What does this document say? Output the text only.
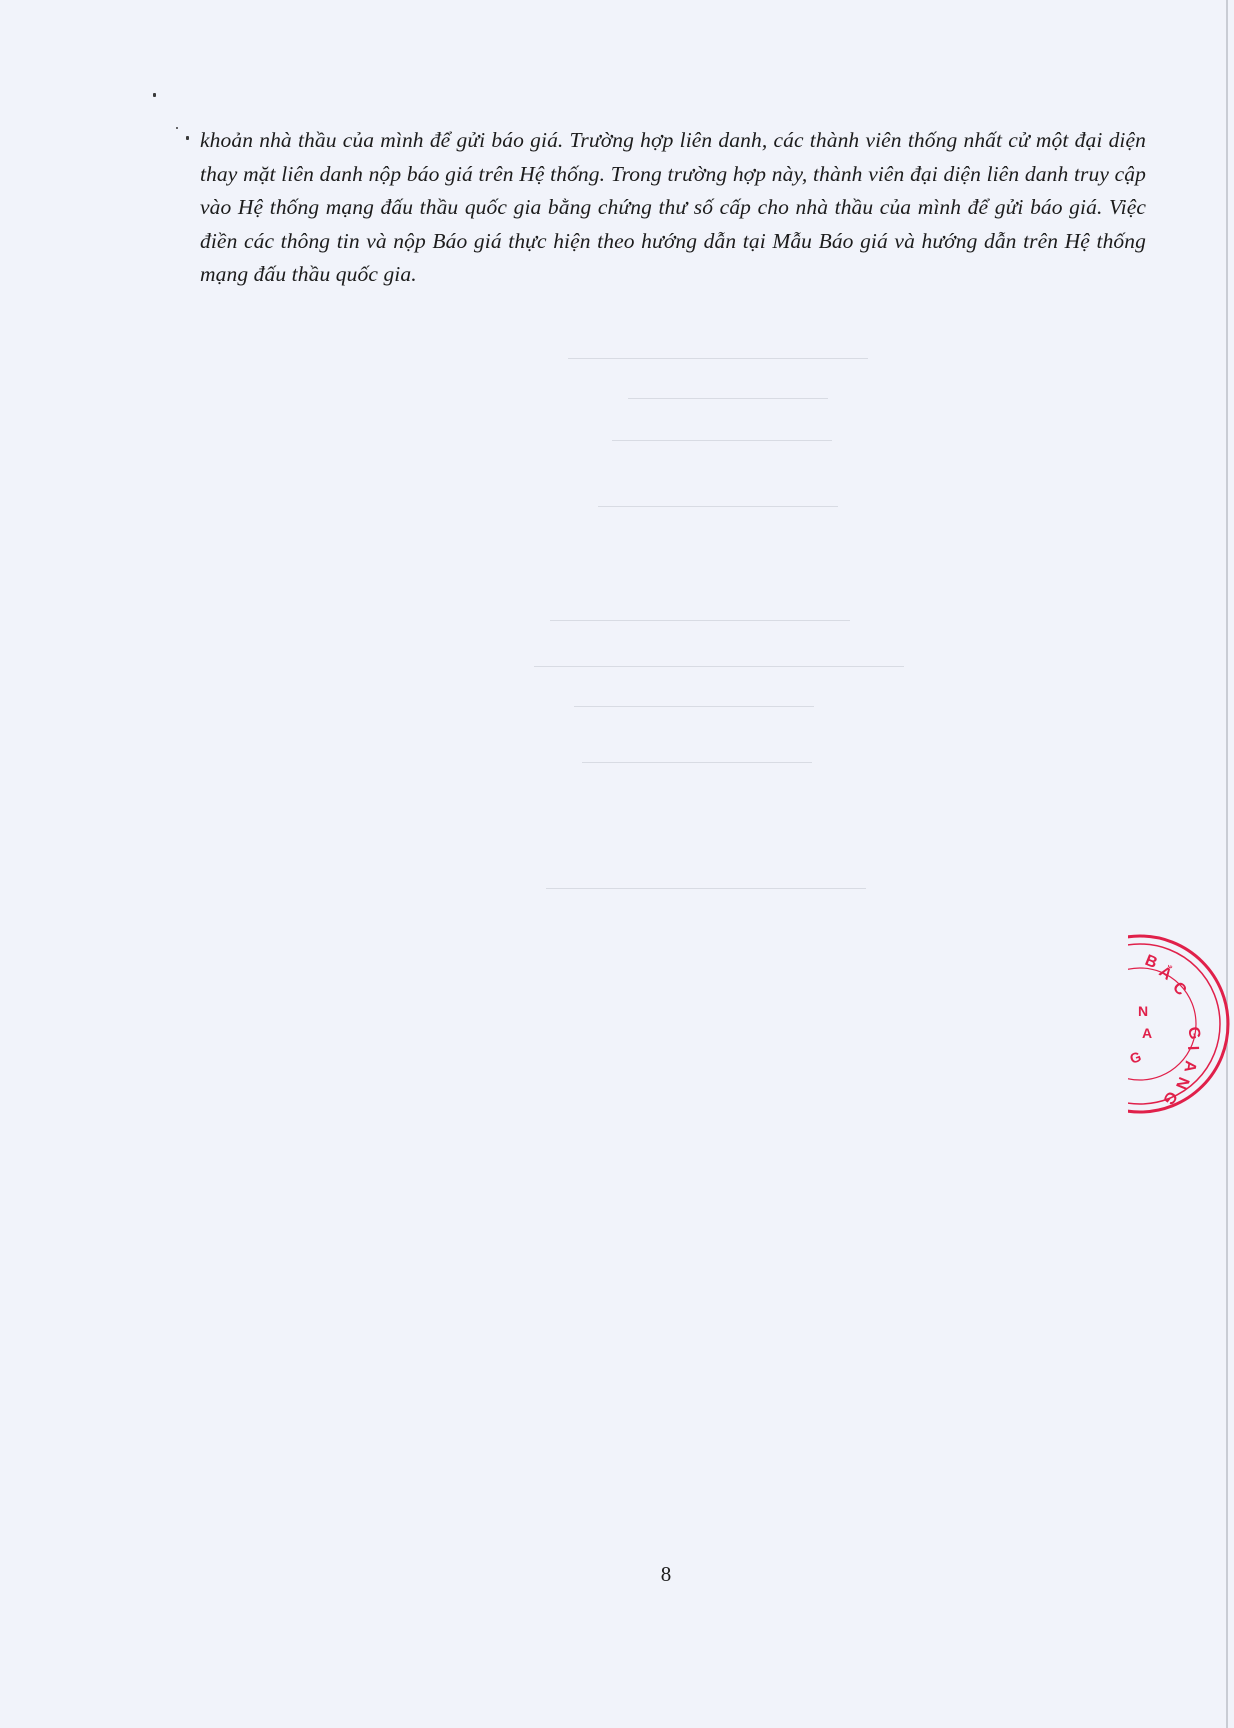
khoản nhà thầu của mình để gửi báo giá. Trường hợp liên danh, các thành viên thống nhất cử một đại diện thay mặt liên danh nộp báo giá trên Hệ thống. Trong trường hợp này, thành viên đại diện liên danh truy cập vào Hệ thống mạng đấu thầu quốc gia bằng chứng thư số cấp cho nhà thầu của mình để gửi báo giá. Việc điền các thông tin và nộp Báo giá thực hiện theo hướng dẫn tại Mẫu Báo giá và hướng dẫn trên Hệ thống mạng đấu thầu quốc gia.

8
B
Ắ
C
G
I
A
N
G
N
A
G
